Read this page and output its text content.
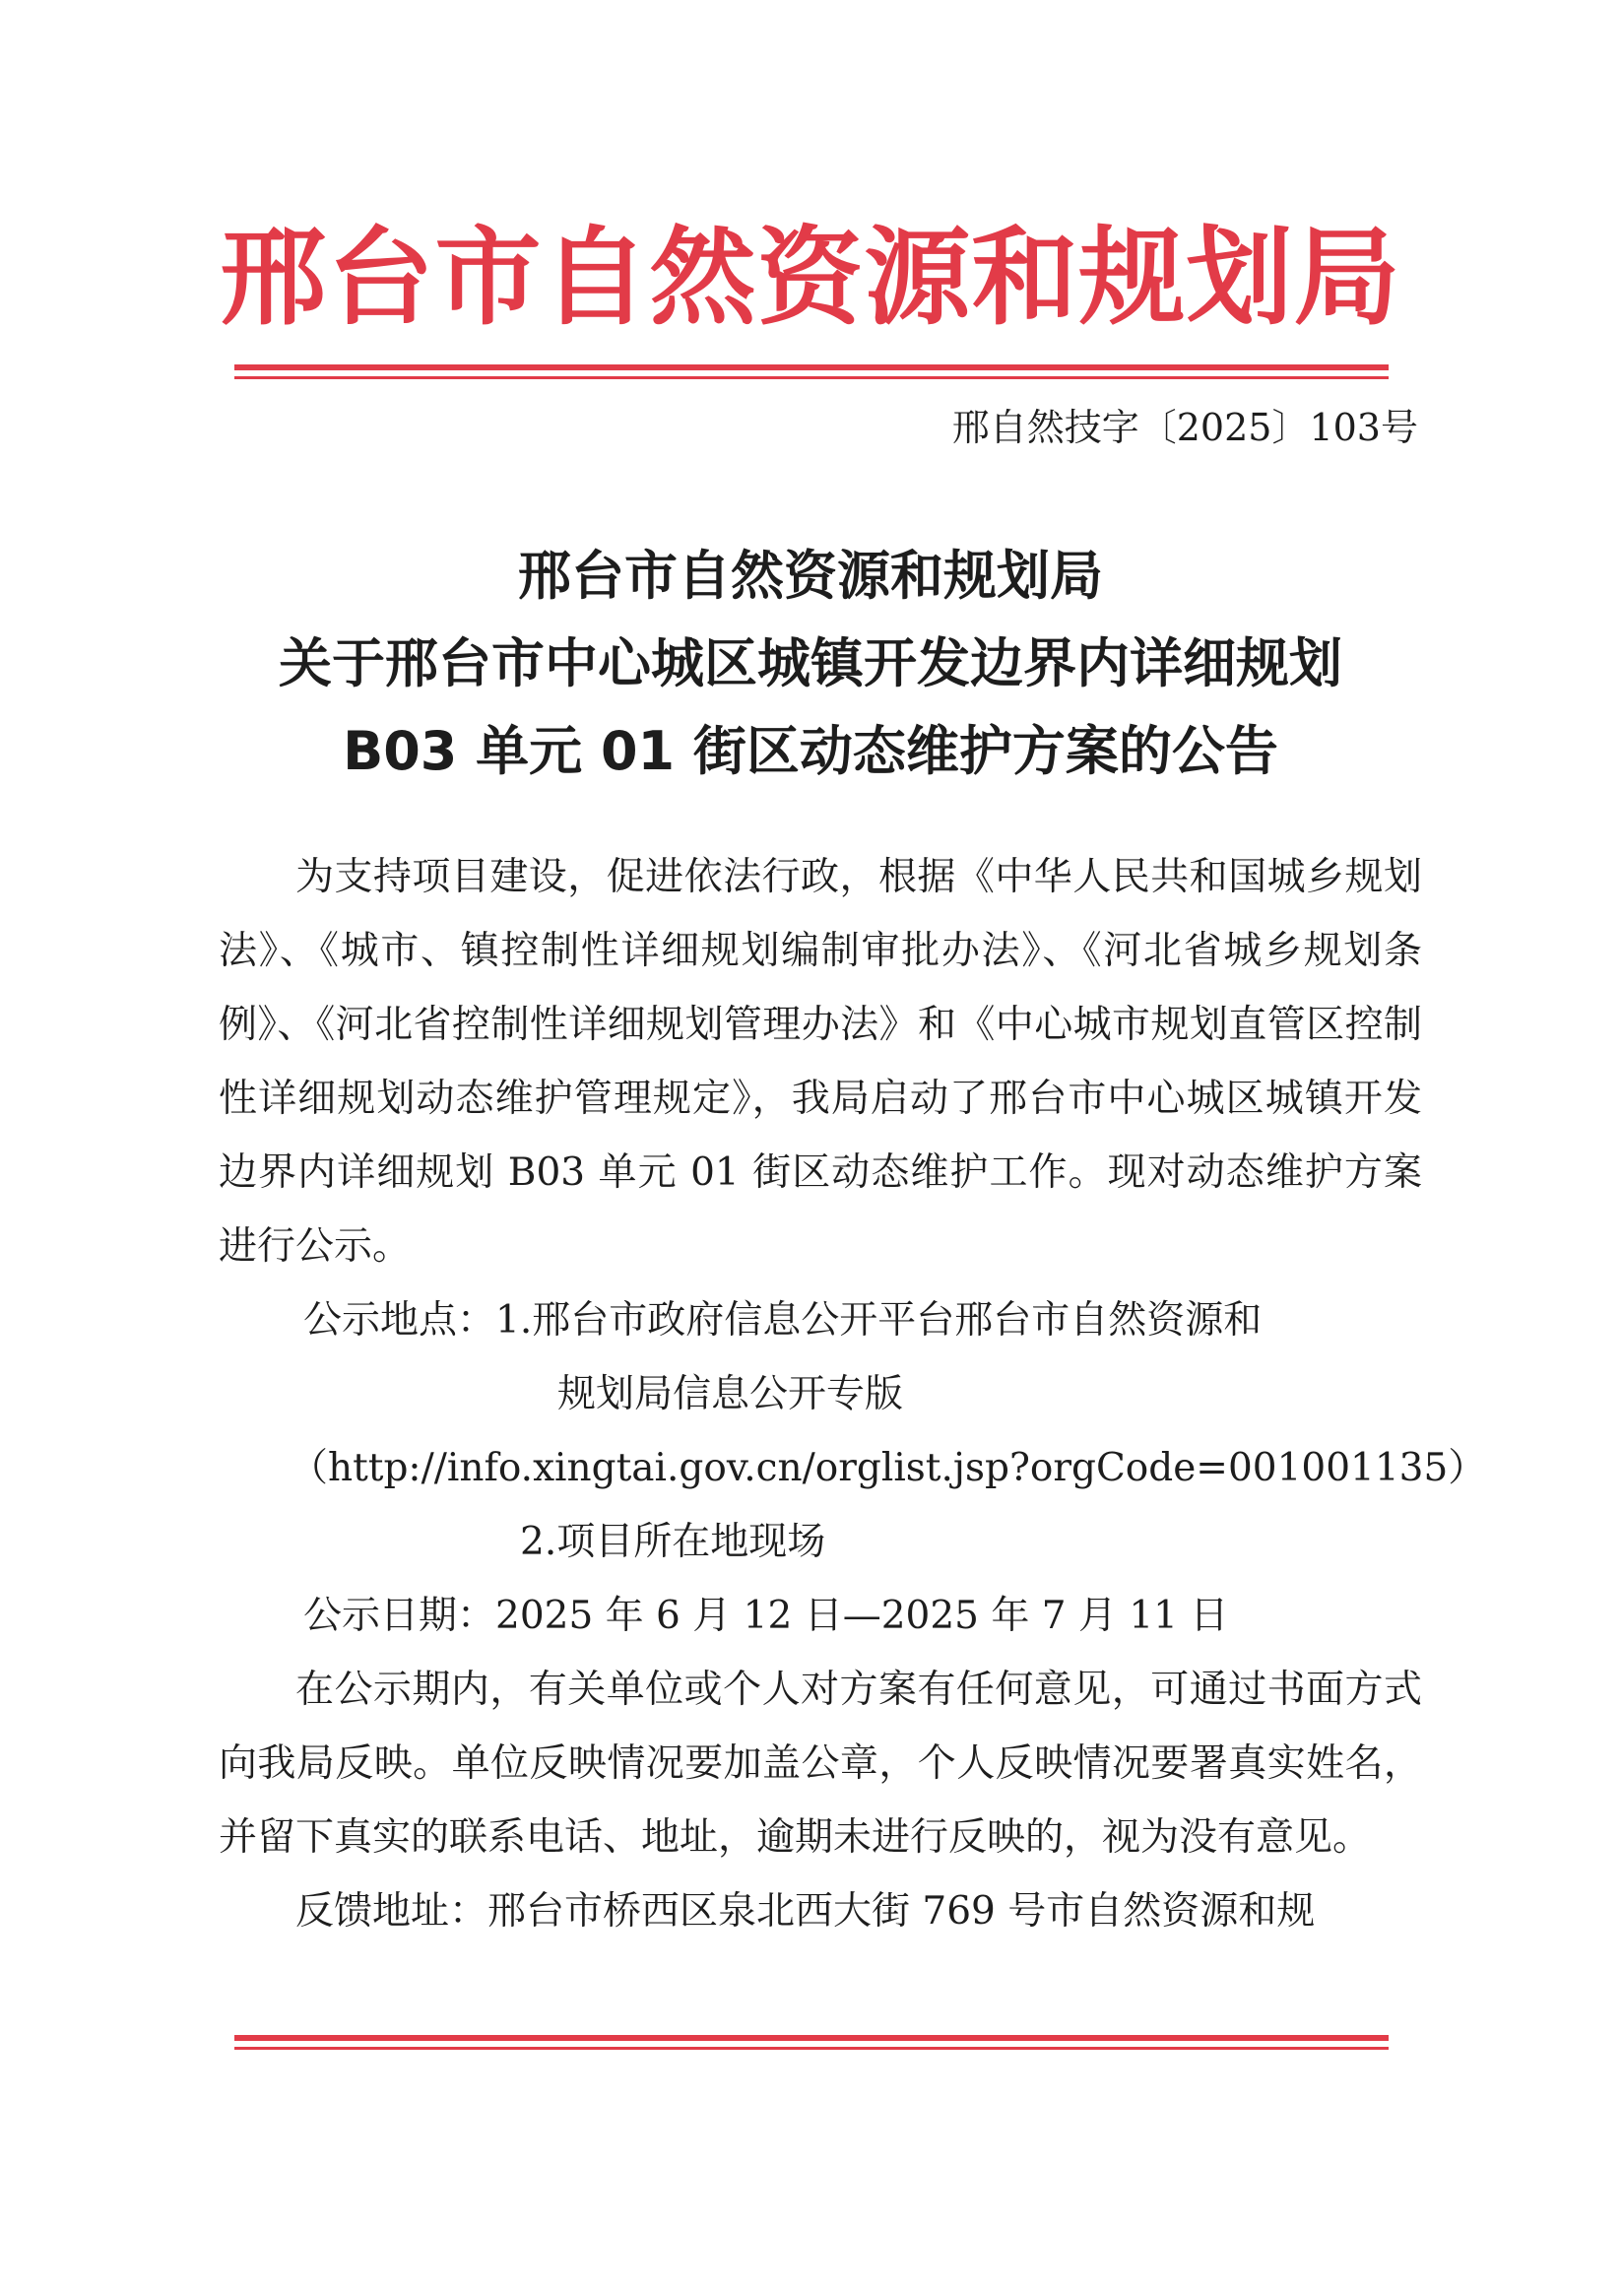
邢台市自然资源和规划局
邢自然技字〔2025〕103号
邢台市自然资源和规划局
关于邢台市中心城区城镇开发边界内详细规划
B03 单元 01 街区动态维护方案的公告
为支持项目建设，促进依法行政，根据《中华人民共和国城乡规划法》、《城市、镇控制性详细规划编制审批办法》、《河北省城乡规划条例》、《河北省控制性详细规划管理办法》和《中心城市规划直管区控制性详细规划动态维护管理规定》，我局启动了邢台市中心城区城镇开发边界内详细规划 B03 单元 01 街区动态维护工作。现对动态维护方案进行公示。
公示地点：1.邢台市政府信息公开平台邢台市自然资源和
规划局信息公开专版
（http://info.xingtai.gov.cn/orglist.jsp?orgCode=001001135）
2.项目所在地现场
公示日期：2025 年 6 月 12 日—2025 年 7 月 11 日
在公示期内，有关单位或个人对方案有任何意见，可通过书面方式向我局反映。单位反映情况要加盖公章，个人反映情况要署真实姓名，并留下真实的联系电话、地址，逾期未进行反映的，视为没有意见。
反馈地址：邢台市桥西区泉北西大街 769 号市自然资源和规
